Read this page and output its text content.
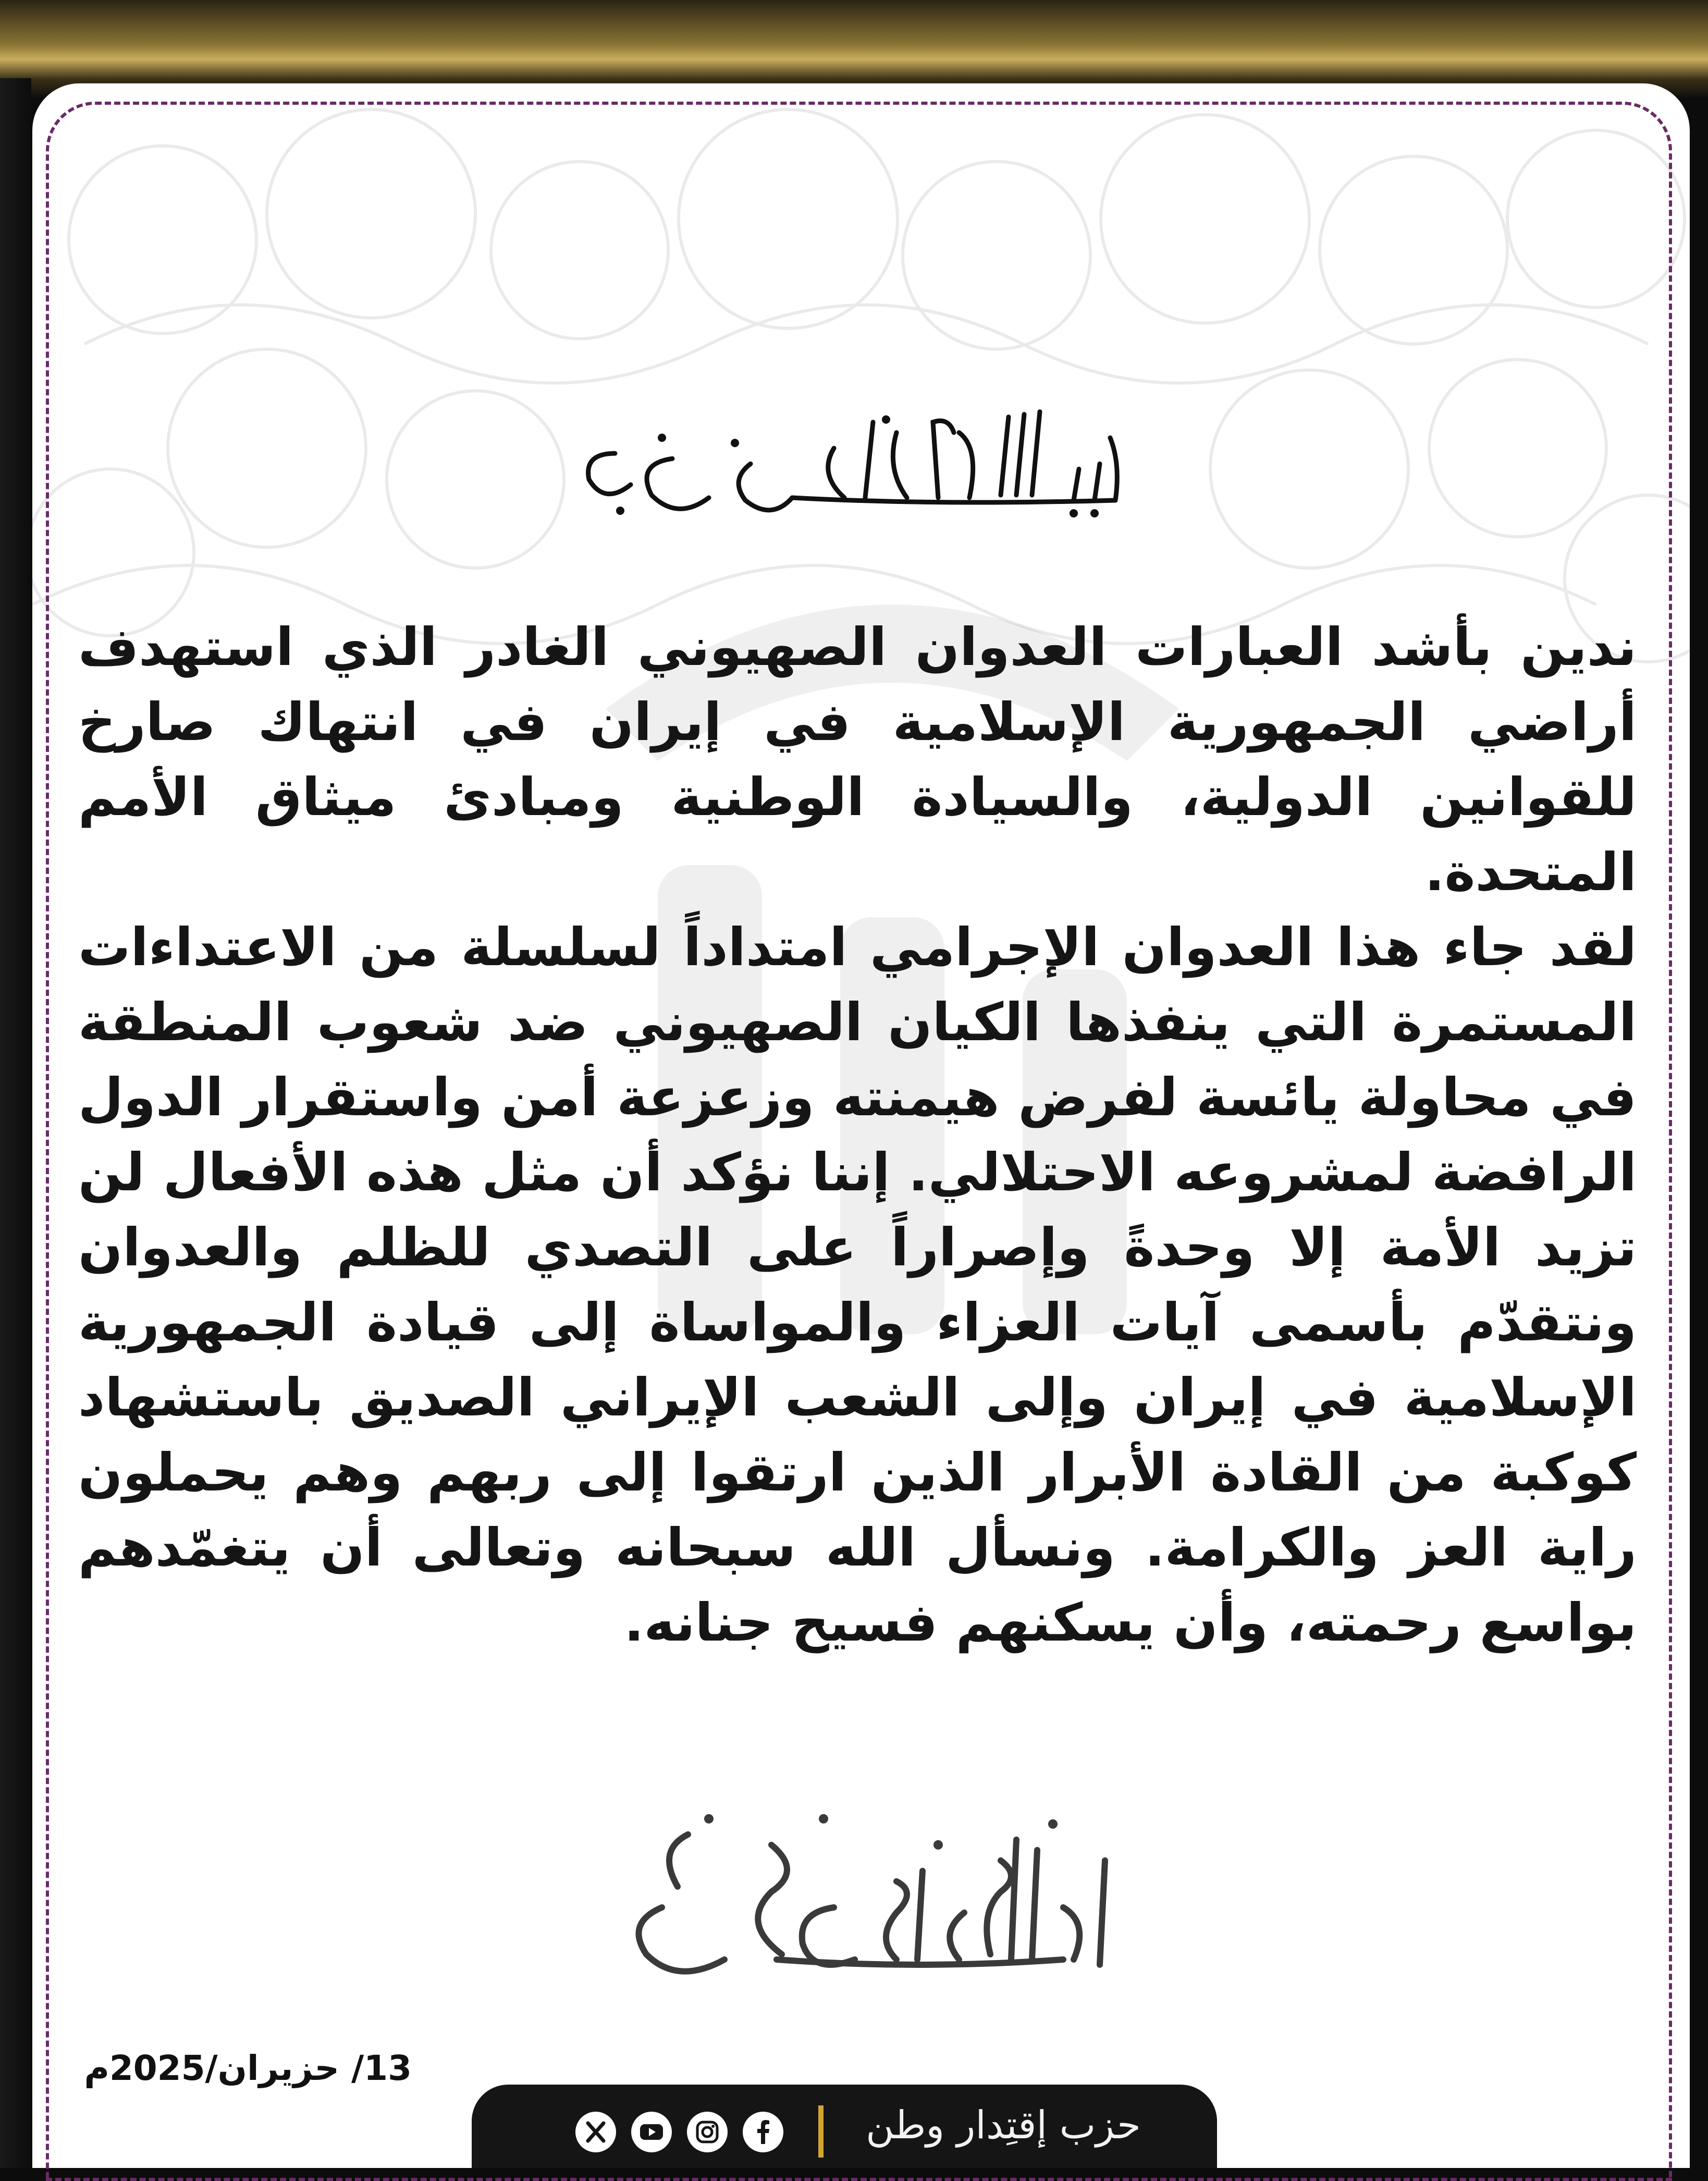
ندين بأشد العبارات العدوان الصهيوني الغادر الذي استهدف أراضي الجمهورية الإسلامية في إيران في انتهاك صارخ للقوانين الدولية، والسيادة الوطنية ومبادئ ميثاق الأمم المتحدة.

لقد جاء هذا العدوان الإجرامي امتداداً لسلسلة من الاعتداءات المستمرة التي ينفذها الكيان الصهيوني ضد شعوب المنطقة في محاولة يائسة لفرض هيمنته وزعزعة أمن واستقرار الدول الرافضة لمشروعه الاحتلالي. إننا نؤكد أن مثل هذه الأفعال لن تزيد الأمة إلا وحدةً وإصراراً على التصدي للظلم والعدوان ونتقدّم بأسمى آيات العزاء والمواساة إلى قيادة الجمهورية الإسلامية في إيران وإلى الشعب الإيراني الصديق باستشهاد كوكبة من القادة الأبرار الذين ارتقوا إلى ربهم وهم يحملون راية العز والكرامة. ونسأل الله سبحانه وتعالى أن يتغمّدهم بواسع رحمته، وأن يسكنهم فسيح جنانه.

13/ حزيران/2025م
حزب إقتِدار وطن
